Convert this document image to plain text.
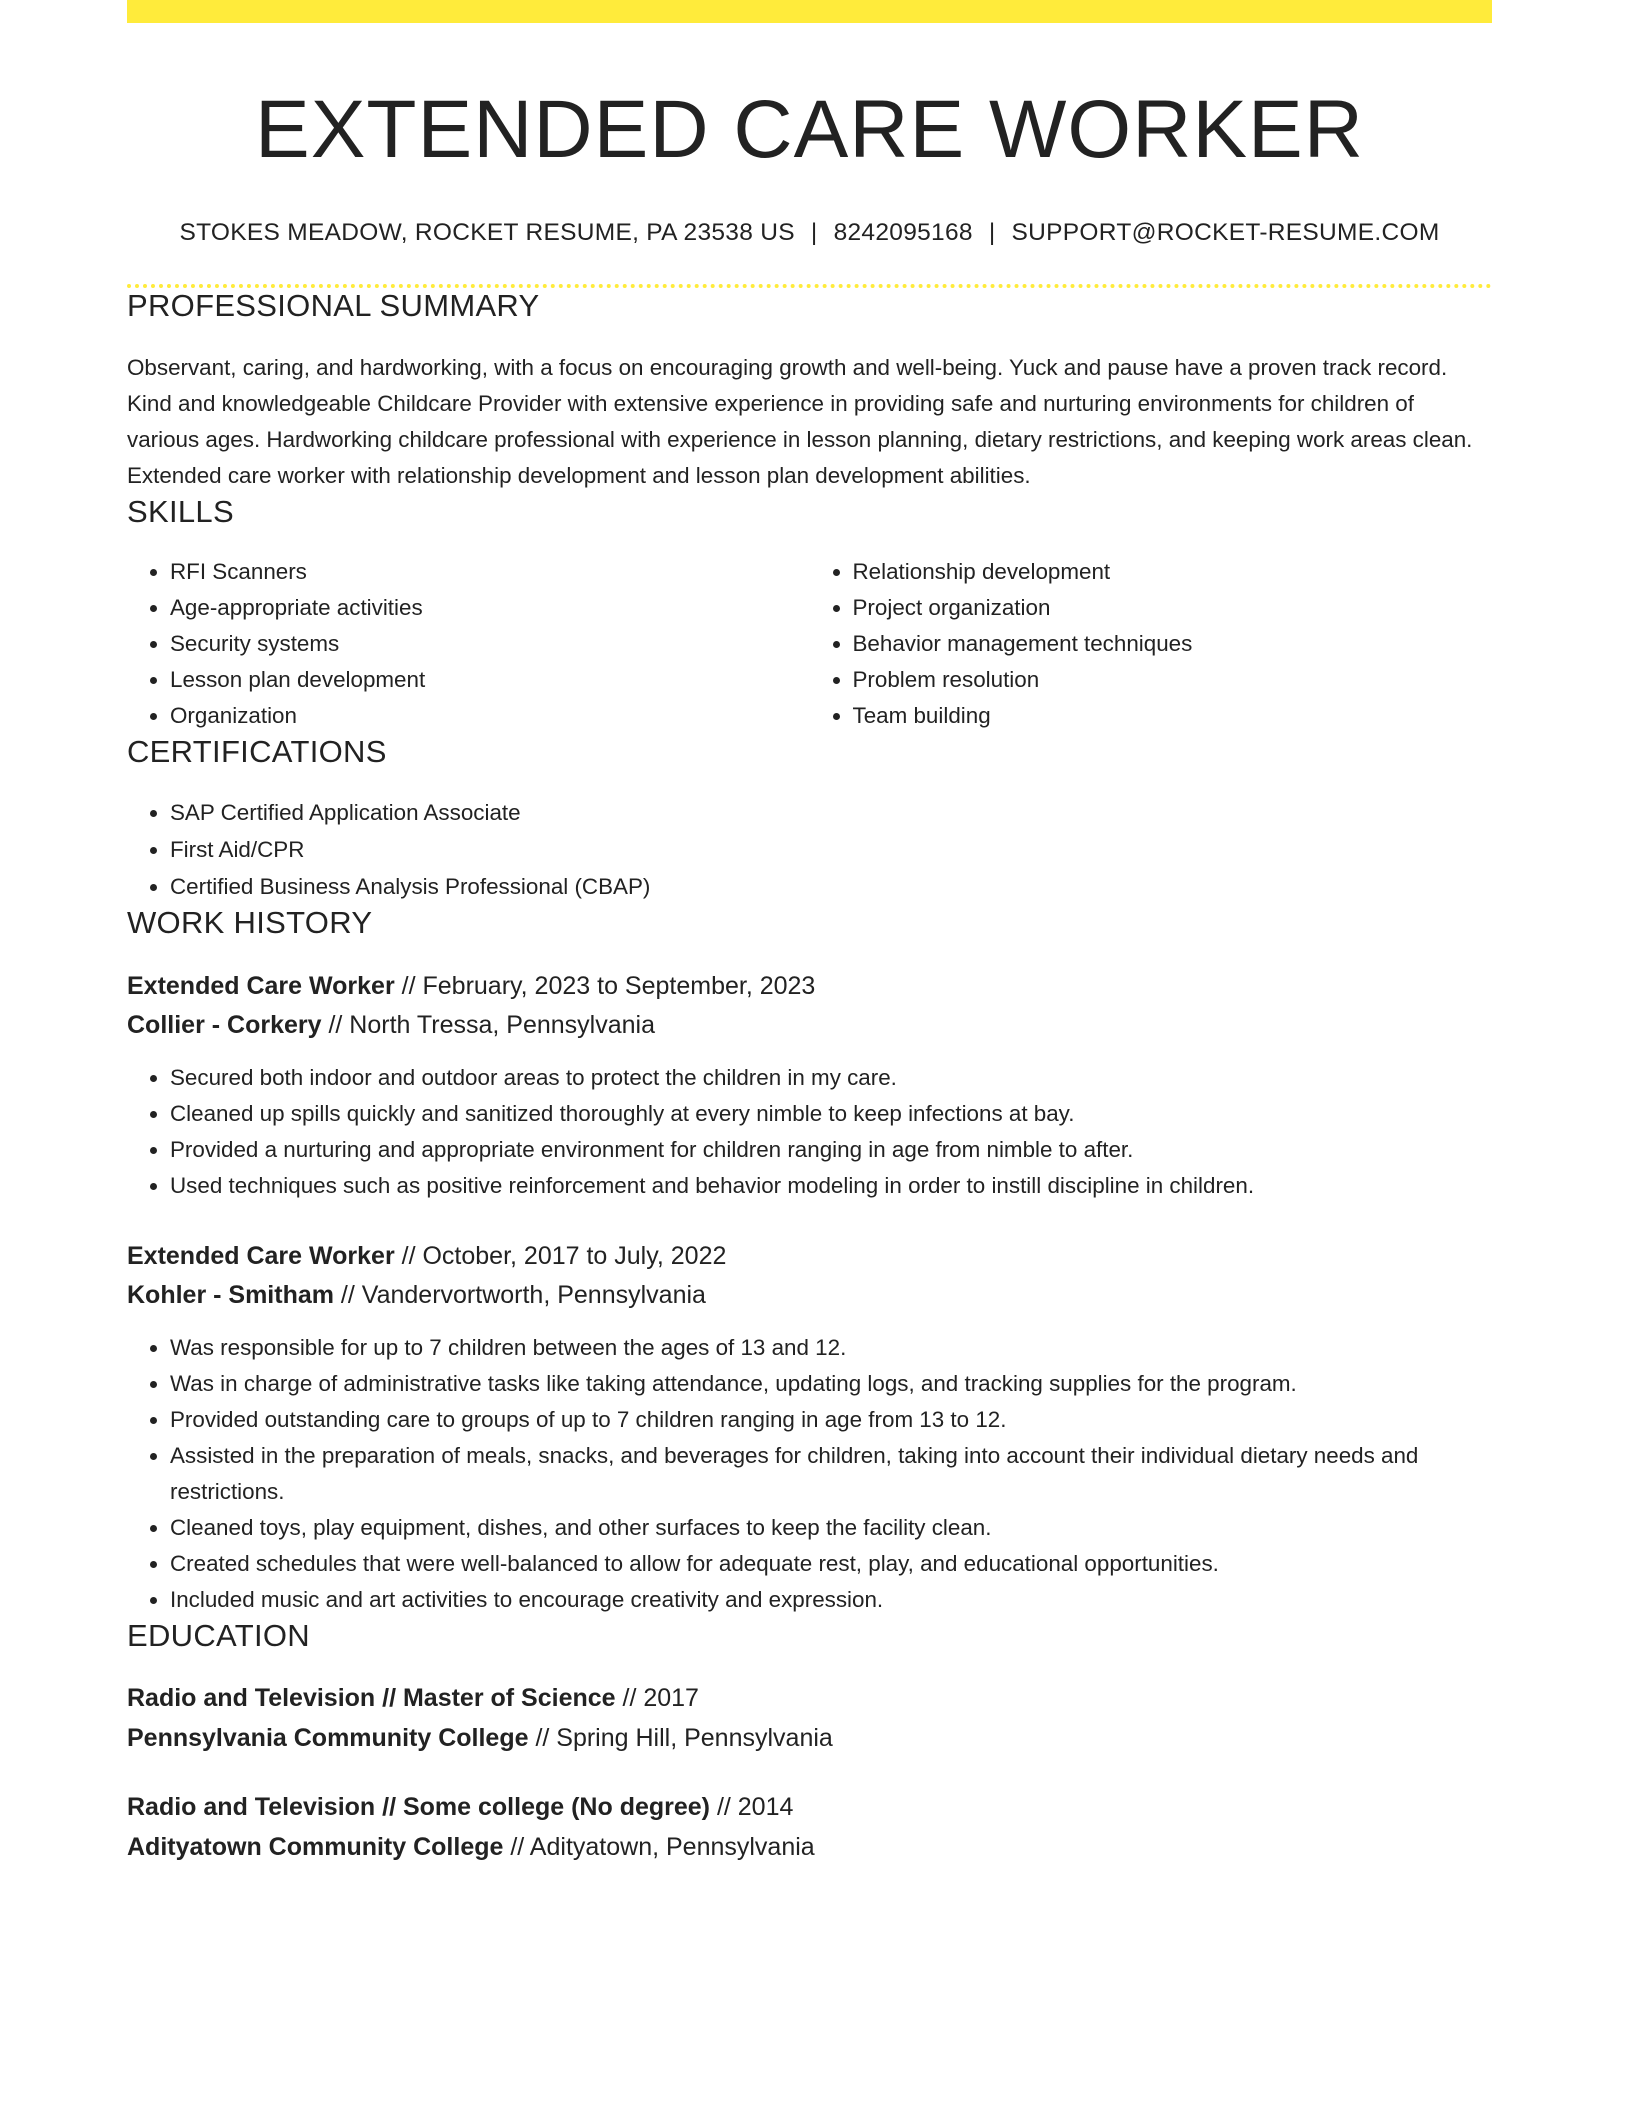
EXTENDED CARE WORKER
STOKES MEADOW, ROCKET RESUME, PA 23538 US | 8242095168 | SUPPORT@ROCKET-RESUME.COM
PROFESSIONAL SUMMARY
Observant, caring, and hardworking, with a focus on encouraging growth and well-being. Yuck and pause have a proven track record. Kind and knowledgeable Childcare Provider with extensive experience in providing safe and nurturing environments for children of various ages. Hardworking childcare professional with experience in lesson planning, dietary restrictions, and keeping work areas clean. Extended care worker with relationship development and lesson plan development abilities.
SKILLS
• RFI Scanners
• Age-appropriate activities
• Security systems
• Lesson plan development
• Organization
• Relationship development
• Project organization
• Behavior management techniques
• Problem resolution
• Team building
CERTIFICATIONS
• SAP Certified Application Associate
• First Aid/CPR
• Certified Business Analysis Professional (CBAP)
WORK HISTORY
Extended Care Worker // February, 2023 to September, 2023
Collier - Corkery // North Tressa, Pennsylvania
• Secured both indoor and outdoor areas to protect the children in my care.
• Cleaned up spills quickly and sanitized thoroughly at every nimble to keep infections at bay.
• Provided a nurturing and appropriate environment for children ranging in age from nimble to after.
• Used techniques such as positive reinforcement and behavior modeling in order to instill discipline in children.
Extended Care Worker // October, 2017 to July, 2022
Kohler - Smitham // Vandervortworth, Pennsylvania
• Was responsible for up to 7 children between the ages of 13 and 12.
• Was in charge of administrative tasks like taking attendance, updating logs, and tracking supplies for the program.
• Provided outstanding care to groups of up to 7 children ranging in age from 13 to 12.
• Assisted in the preparation of meals, snacks, and beverages for children, taking into account their individual dietary needs and restrictions.
• Cleaned toys, play equipment, dishes, and other surfaces to keep the facility clean.
• Created schedules that were well-balanced to allow for adequate rest, play, and educational opportunities.
• Included music and art activities to encourage creativity and expression.
EDUCATION
Radio and Television // Master of Science // 2017
Pennsylvania Community College // Spring Hill, Pennsylvania
Radio and Television // Some college (No degree) // 2014
Adityatown Community College // Adityatown, Pennsylvania
